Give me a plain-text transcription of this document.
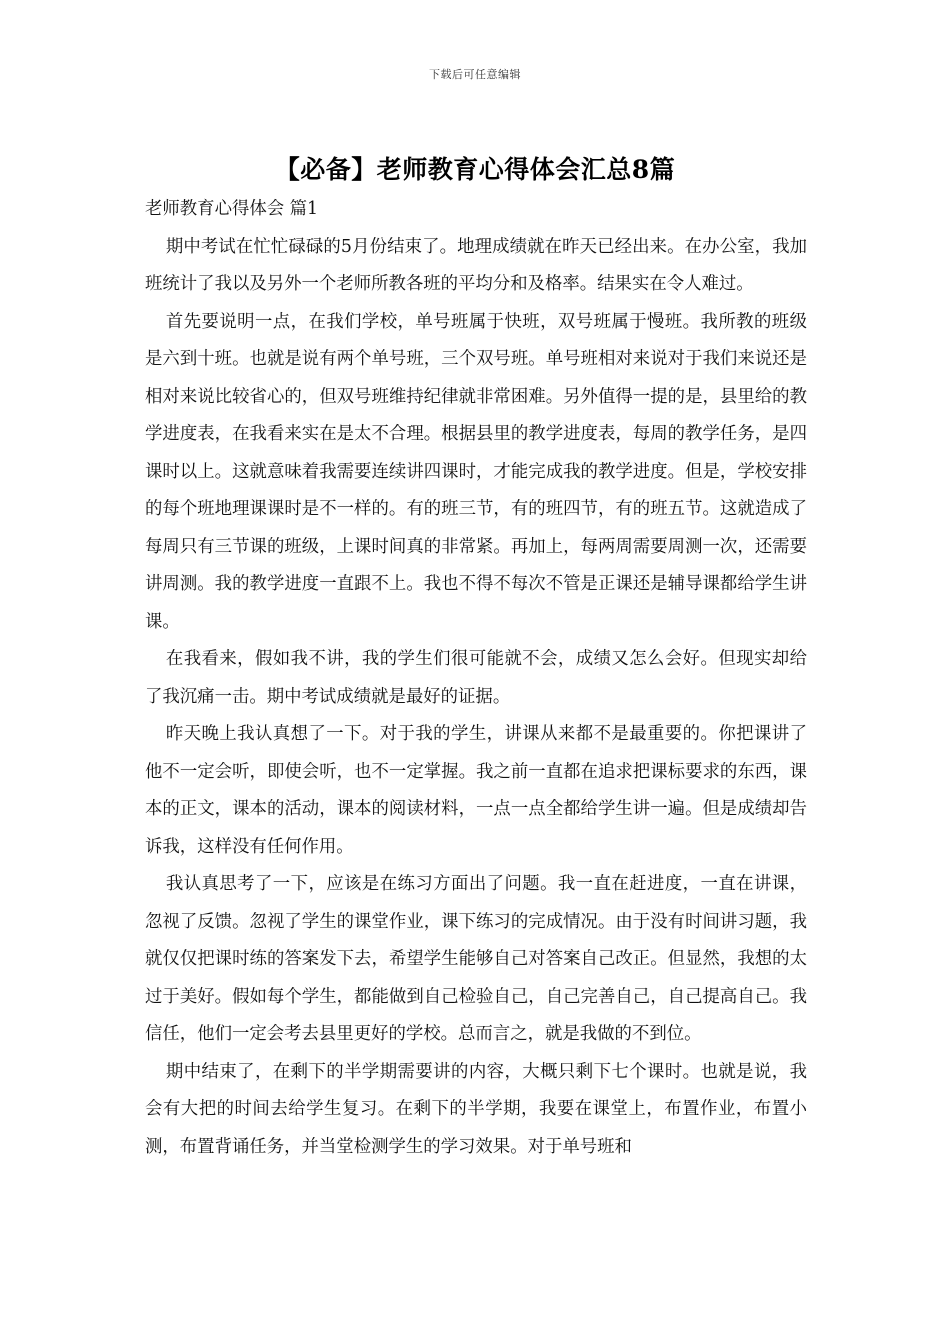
下载后可任意编辑
【必备】老师教育心得体会汇总8篇

老师教育心得体会 篇1

期中考试在忙忙碌碌的5月份结束了。地理成绩就在昨天已经出来。在办公室，我加班统计了我以及另外一个老师所教各班的平均分和及格率。结果实在令人难过。

首先要说明一点，在我们学校，单号班属于快班，双号班属于慢班。我所教的班级是六到十班。也就是说有两个单号班，三个双号班。单号班相对来说对于我们来说还是相对来说比较省心的，但双号班维持纪律就非常困难。另外值得一提的是，县里给的教学进度表，在我看来实在是太不合理。根据县里的教学进度表，每周的教学任务，是四课时以上。这就意味着我需要连续讲四课时，才能完成我的教学进度。但是，学校安排的每个班地理课课时是不一样的。有的班三节，有的班四节，有的班五节。这就造成了每周只有三节课的班级，上课时间真的非常紧。再加上，每两周需要周测一次，还需要讲周测。我的教学进度一直跟不上。我也不得不每次不管是正课还是辅导课都给学生讲课。

在我看来，假如我不讲，我的学生们很可能就不会，成绩又怎么会好。但现实却给了我沉痛一击。期中考试成绩就是最好的证据。

昨天晚上我认真想了一下。对于我的学生，讲课从来都不是最重要的。你把课讲了他不一定会听，即使会听，也不一定掌握。我之前一直都在追求把课标要求的东西，课本的正文，课本的活动，课本的阅读材料，一点一点全都给学生讲一遍。但是成绩却告诉我，这样没有任何作用。

我认真思考了一下，应该是在练习方面出了问题。我一直在赶进度，一直在讲课，忽视了反馈。忽视了学生的课堂作业，课下练习的完成情况。由于没有时间讲习题，我就仅仅把课时练的答案发下去，希望学生能够自己对答案自己改正。但显然，我想的太过于美好。假如每个学生，都能做到自己检验自己，自己完善自己，自己提高自己。我信任，他们一定会考去县里更好的学校。总而言之，就是我做的不到位。

期中结束了，在剩下的半学期需要讲的内容，大概只剩下七个课时。也就是说，我会有大把的时间去给学生复习。在剩下的半学期，我要在课堂上，布置作业，布置小测，布置背诵任务，并当堂检测学生的学习效果。对于单号班和
